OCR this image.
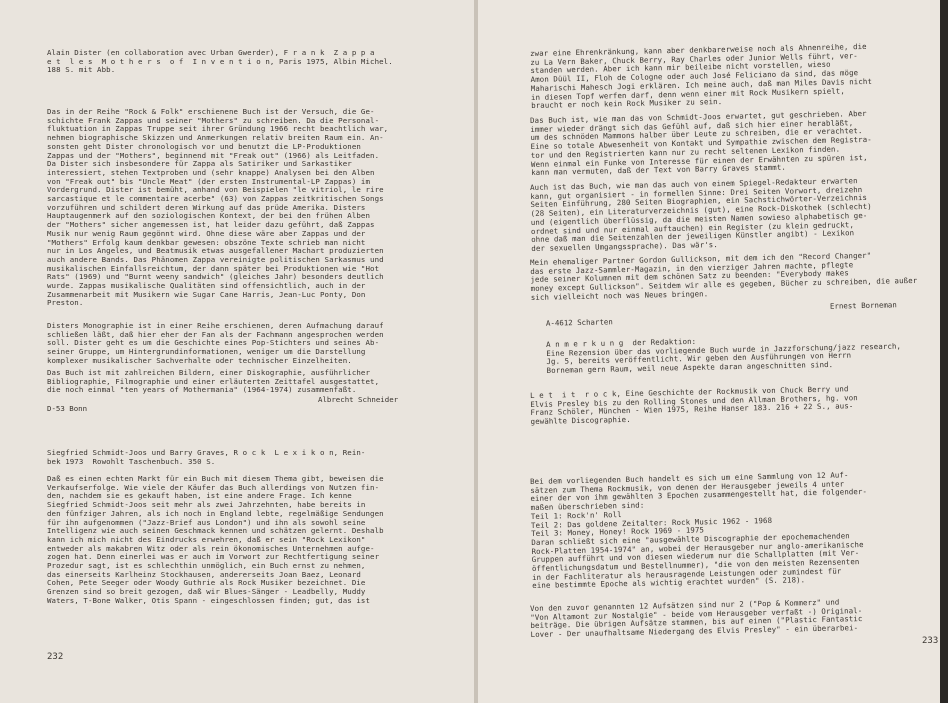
Alain Dister (en collaboration avec Urban Gwerder), F r a n k  Z a p p a
e t  l e s  M o t h e r s  o f  I n v e n t i o n, Paris 1975, Albin Michel.
188 S. mit Abb.

Das in der Reihe "Rock & Folk" erschienene Buch ist der Versuch, die Ge-
schichte Frank Zappas und seiner "Mothers" zu schreiben. Da die Personal-
fluktuation in Zappas Truppe seit ihrer Gründung 1966 recht beachtlich war,
nehmen biographische Skizzen und Anmerkungen relativ breiten Raum ein. An-
sonsten geht Dister chronologisch vor und benutzt die LP-Produktionen
Zappas und der "Mothers", beginnend mit "Freak out" (1966) als Leitfaden.
Da Dister sich insbesondere für Zappa als Satiriker und Sarkastiker
interessiert, stehen Textproben und (sehr knappe) Analysen bei den Alben
von "Freak out" bis "Uncle Meat" (der ersten Instrumental-LP Zappas) im
Vordergrund. Dister ist bemüht, anhand von Beispielen "le vitriol, le rire
sarcastique et le commentaire acerbe" (63) von Zappas zeitkritischen Songs
vorzuführen und schildert deren Wirkung auf das prüde Amerika. Disters
Hauptaugenmerk auf den soziologischen Kontext, der bei den frühen Alben
der "Mothers" sicher angemessen ist, hat leider dazu geführt, daß Zappas
Musik nur wenig Raum gegönnt wird. Ohne diese wäre aber Zappas und der
"Mothers" Erfolg kaum denkbar gewesen: obszöne Texte schrieb man nicht
nur in Los Angeles, und Beatmusik etwas ausgefallener Machart produzierten
auch andere Bands. Das Phänomen Zappa vereinigte politischen Sarkasmus und
musikalischen Einfallsreichtum, der dann später bei Produktionen wie "Hot
Rats" (1969) und "Burnt weeny sandwich" (gleiches Jahr) besonders deutlich
wurde. Zappas musikalische Qualitäten sind offensichtlich, auch in der
Zusammenarbeit mit Musikern wie Sugar Cane Harris, Jean-Luc Ponty, Don
Preston.

Disters Monographie ist in einer Reihe erschienen, deren Aufmachung darauf
schließen läßt, daß hier eher der Fan als der Fachmann angesprochen werden
soll. Dister geht es um die Geschichte eines Pop-Stichters und seines Ab-
seiner Gruppe, um Hintergrundinformationen, weniger um die Darstellung
komplexer musikalischer Sachverhalte oder technischer Einzelheiten.

Das Buch ist mit zahlreichen Bildern, einer Diskographie, ausführlicher
Bibliographie, Filmographie und einer erläuterten Zeittafel ausgestattet,
die noch einmal "ten years of Mothermania" (1964-1974) zusammenfaßt.

D-53 Bonn
Albrecht Schneider

Siegfried Schmidt-Joos und Barry Graves, R o c k  L e x i k o n, Rein-
bek 1973  Rowohlt Taschenbuch. 350 S.

Daß es einen echten Markt für ein Buch mit diesem Thema gibt, beweisen die
Verkaufserfolge. Wie viele der Käufer das Buch allerdings von Nutzen fin-
den, nachdem sie es gekauft haben, ist eine andere Frage. Ich kenne
Siegfried Schmidt-Joos seit mehr als zwei Jahrzehnten, habe bereits in
den fünfziger Jahren, als ich noch in England lebte, regelmäßige Sendungen
für ihn aufgenommen ("Jazz-Brief aus London") und ihn als sowohl seine
Intelligenz wie auch seinen Geschmack kennen und schätzen gelernt. Deshalb
kann ich mich nicht des Eindrucks erwehren, daß er sein "Rock Lexikon"
entweder als makabren Witz oder als rein ökonomisches Unternehmen aufge-
zogen hat. Denn einerlei was er auch im Vorwort zur Rechtfertigung seiner
Prozedur sagt, ist es schlechthin unmöglich, ein Buch ernst zu nehmen,
das einerseits Karlheinz Stockhausen, andererseits Joan Baez, Leonard
Cohen, Pete Seeger oder Woody Guthrie als Rock Musiker bezeichnet. Die
Grenzen sind so breit gezogen, daß wir Blues-Sänger - Leadbelly, Muddy
Waters, T-Bone Walker, Otis Spann - eingeschlossen finden; gut, das ist

232

zwar eine Ehrenkränkung, kann aber denkbarerweise noch als Ahnenreihe, die
zu La Vern Baker, Chuck Berry, Ray Charles oder Junior Wells führt, ver-
standen werden. Aber ich kann mir beileibe nicht vorstellen, wieso
Amon Düül II, Floh de Cologne oder auch José Feliciano da sind, das möge
Maharischi Mahesch Jogi erklären. Ich meine auch, daß man Miles Davis nicht
in diesen Topf werfen darf, denn wenn einer mit Rock Musikern spielt,
braucht er noch kein Rock Musiker zu sein.

Das Buch ist, wie man das von Schmidt-Joos erwartet, gut geschrieben. Aber
immer wieder drängt sich das Gefühl auf, daß sich hier einer herabläßt,
um des schnöden Mammons halber über Leute zu schreiben, die er verachtet.
Eine so totale Abwesenheit von Kontakt und Sympathie zwischen dem Registra-
tor und den Registrierten kann nur zu recht seltenen Lexikon finden.
Wenn einmal ein Funke von Interesse für einen der Erwähnten zu spüren ist,
kann man vermuten, daß der Text von Barry Graves stammt.

Auch ist das Buch, wie man das auch von einem Spiegel-Redakteur erwarten
kann, gut organisiert - in formellen Sinne: Drei Seiten Vorwort, dreizehn
Seiten Einführung, 280 Seiten Biographien, ein Sachstichwörter-Verzeichnis
(28 Seiten), ein Literaturverzeichnis (gut), eine Rock-Diskothek (schlecht)
und (eigentlich überflüssig, da die meisten Namen sowieso alphabetisch ge-
ordnet sind und nur einmal auftauchen) ein Register (zu klein gedruckt,
ohne daß man die Seitenzahlen der jeweiligen Künstler angibt) - Lexikon
der sexuellen Umgangssprache). Das wär's.

Mein ehemaliger Partner Gordon Gullickson, mit dem ich den "Record Changer"
das erste Jazz-Sammler-Magazin, in den vierziger Jahren machte, pflegte
jede seiner Kolumnen mit dem schönen Satz zu beenden: "Everybody makes
money except Gullickson". Seitdem wir alle es gegeben, Bücher zu schreiben, die außer
sich vielleicht noch was Neues bringen.

Ernest Borneman
A-4612 Scharten

A n m e r k u n g  der Redaktion:
Eine Rezension über das vorliegende Buch wurde in Jazzforschung/jazz research,
Jg. 5, bereits veröffentlicht. Wir geben den Ausführungen von Herrn
Borneman gern Raum, weil neue Aspekte daran angeschnitten sind.

L e t  i t  r o c k, Eine Geschichte der Rockmusik von Chuck Berry und
Elvis Presley bis zu den Rolling Stones und den Allman Brothers, hg. von
Franz Schöler, München - Wien 1975, Reihe Hanser 183. 216 + 22 S., aus-
gewählte Discographie.

Bei dem vorliegenden Buch handelt es sich um eine Sammlung von 12 Auf-
sätzen zum Thema Rockmusik, von denen der Herausgeber jeweils 4 unter
einer der von ihm gewählten 3 Epochen zusammengestellt hat, die folgender-
maßen überschrieben sind:
Teil 1: Rock'n' Roll
Teil 2: Das goldene Zeitalter: Rock Music 1962 - 1968
Teil 3: Money, Honey! Rock 1969 - 1975
Daran schließt sich eine "ausgewählte Discographie der epochemachenden
Rock-Platten 1954-1974" an, wobei der Herausgeber nur anglo-amerikanische
Gruppen aufführt und von diesen wiederum nur die Schallplatten (mit Ver-
öffentlichungsdatum und Bestellnummer), "die von den meisten Rezensenten
in der Fachliteratur als herausragende Leistungen oder zumindest für
eine bestimmte Epoche als wichtig erachtet wurden" (S. 218).

Von den zuvor genannten 12 Aufsätzen sind nur 2 ("Pop & Kommerz" und
"Von Altamont zur Nostalgie" - beide vom Herausgeber verfaßt -) Original-
beiträge. Die übrigen Aufsätze stammen, bis auf einen ("Plastic Fantastic
Lover - Der unaufhaltsame Niedergang des Elvis Presley" - ein überarbei-

233
